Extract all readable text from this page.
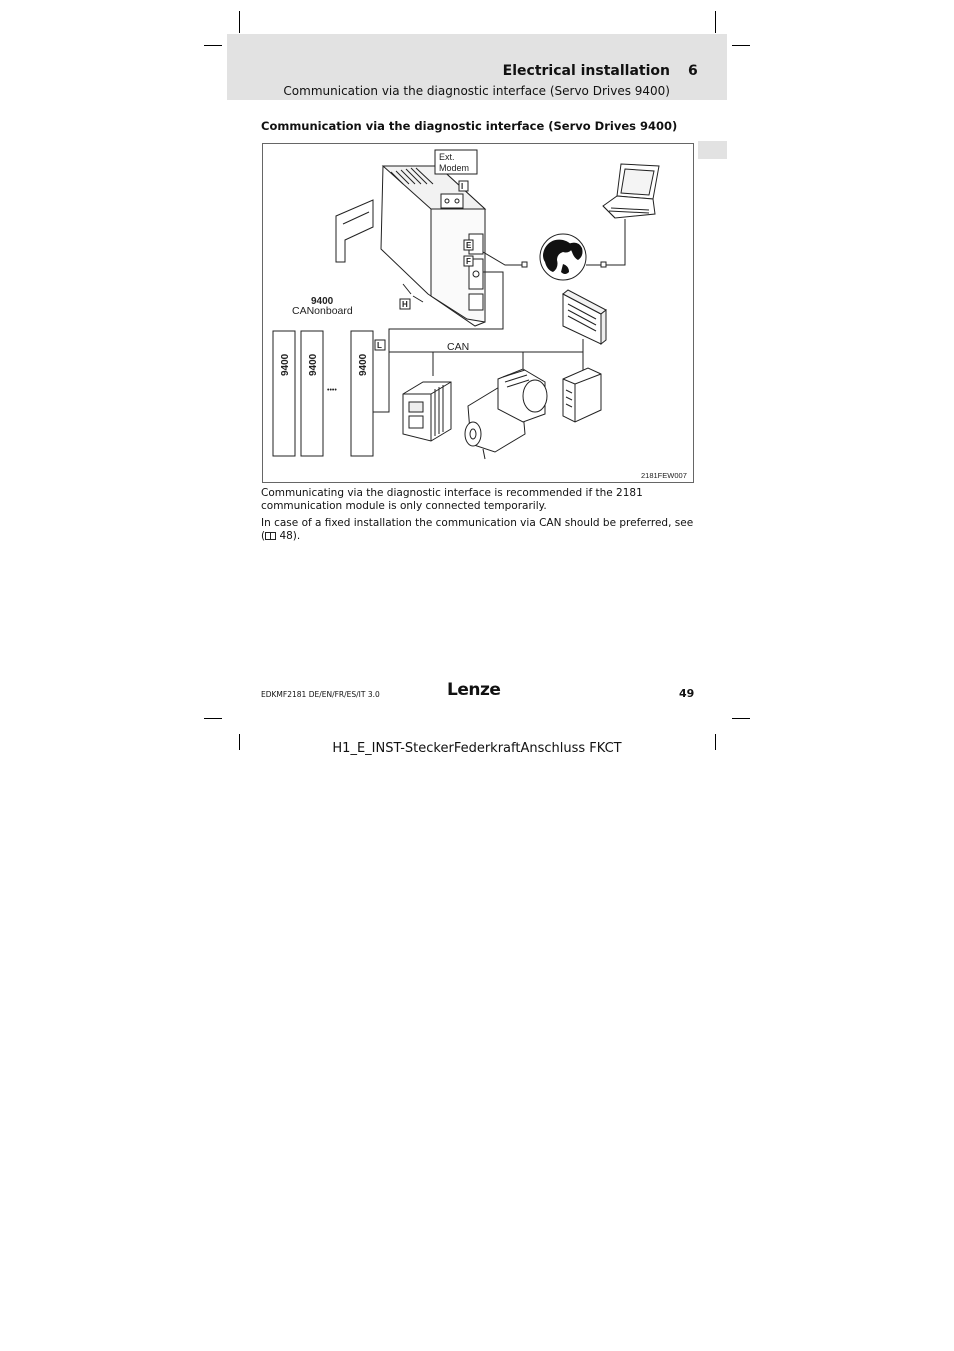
Electrical installation 6
Communication via the diagnostic interface (Servo Drives 9400)
Communication via the diagnostic interface (Servo Drives 9400)
Ext.
Modem
I
E
F
H
9400
CANonboard
9400 9400	9400
••••
L	CAN
2181FEW007
Communicating via the diagnostic interface is recommended if the 2181 communication module is only connected temporarily.
In case of a fixed installation the communication via CAN should be preferred, see ( 48).
EDKMF2181 DE/EN/FR/ES/IT 3.0	Lenze	49
H1_E_INST-SteckerFederkraftAnschluss FKCT
